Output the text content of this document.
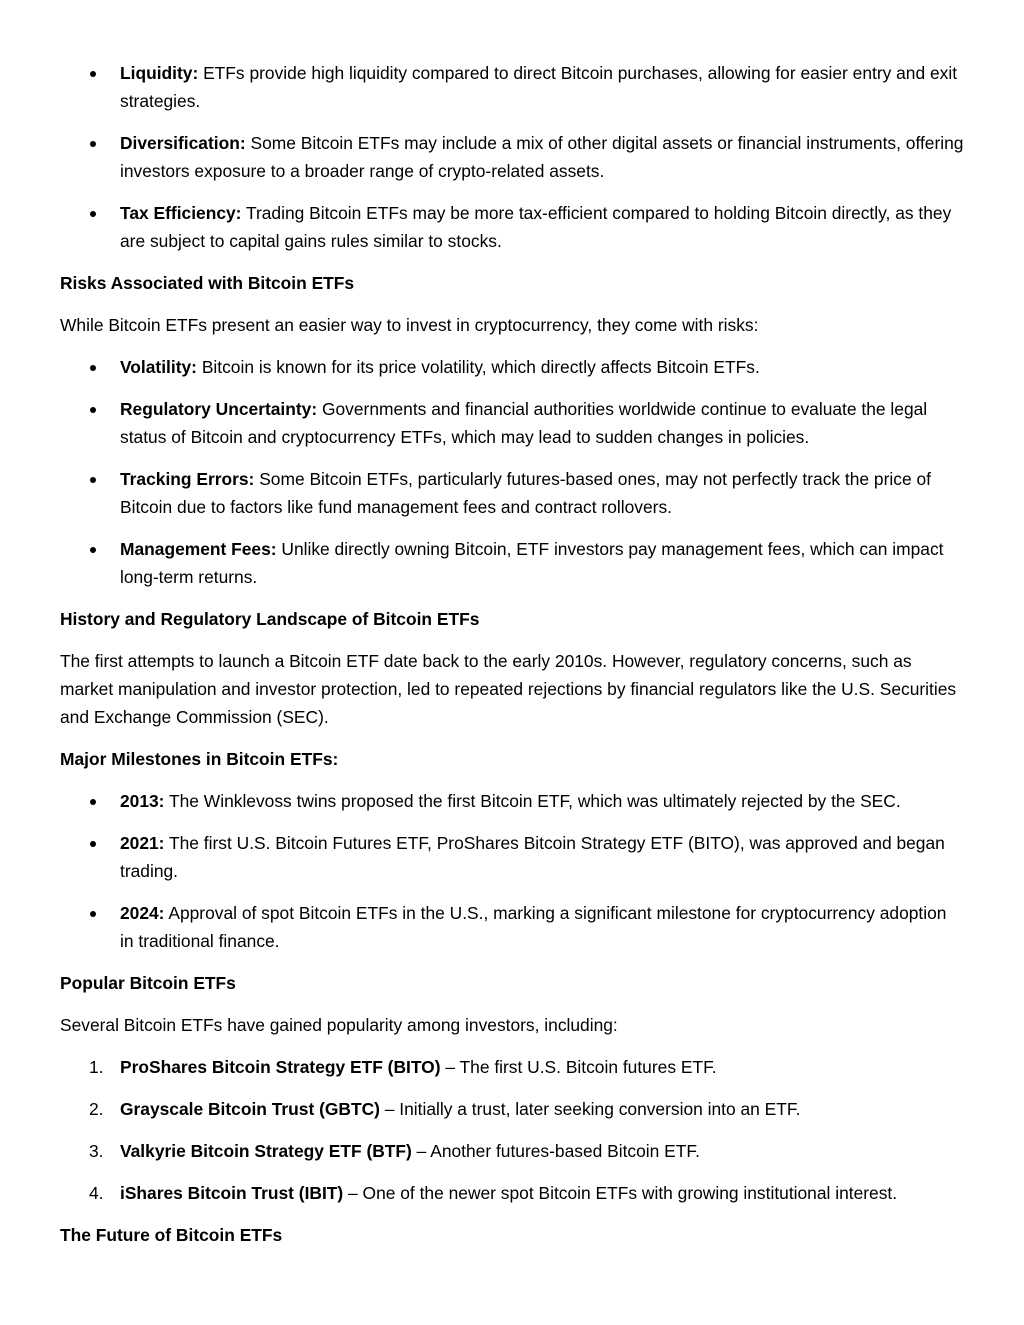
Liquidity: ETFs provide high liquidity compared to direct Bitcoin purchases, allowing for easier entry and exit strategies.
Diversification: Some Bitcoin ETFs may include a mix of other digital assets or financial instruments, offering investors exposure to a broader range of crypto-related assets.
Tax Efficiency: Trading Bitcoin ETFs may be more tax-efficient compared to holding Bitcoin directly, as they are subject to capital gains rules similar to stocks.
Risks Associated with Bitcoin ETFs
While Bitcoin ETFs present an easier way to invest in cryptocurrency, they come with risks:
Volatility: Bitcoin is known for its price volatility, which directly affects Bitcoin ETFs.
Regulatory Uncertainty: Governments and financial authorities worldwide continue to evaluate the legal status of Bitcoin and cryptocurrency ETFs, which may lead to sudden changes in policies.
Tracking Errors: Some Bitcoin ETFs, particularly futures-based ones, may not perfectly track the price of Bitcoin due to factors like fund management fees and contract rollovers.
Management Fees: Unlike directly owning Bitcoin, ETF investors pay management fees, which can impact long-term returns.
History and Regulatory Landscape of Bitcoin ETFs
The first attempts to launch a Bitcoin ETF date back to the early 2010s. However, regulatory concerns, such as market manipulation and investor protection, led to repeated rejections by financial regulators like the U.S. Securities and Exchange Commission (SEC).
Major Milestones in Bitcoin ETFs:
2013: The Winklevoss twins proposed the first Bitcoin ETF, which was ultimately rejected by the SEC.
2021: The first U.S. Bitcoin Futures ETF, ProShares Bitcoin Strategy ETF (BITO), was approved and began trading.
2024: Approval of spot Bitcoin ETFs in the U.S., marking a significant milestone for cryptocurrency adoption in traditional finance.
Popular Bitcoin ETFs
Several Bitcoin ETFs have gained popularity among investors, including:
1. ProShares Bitcoin Strategy ETF (BITO) – The first U.S. Bitcoin futures ETF.
2. Grayscale Bitcoin Trust (GBTC) – Initially a trust, later seeking conversion into an ETF.
3. Valkyrie Bitcoin Strategy ETF (BTF) – Another futures-based Bitcoin ETF.
4. iShares Bitcoin Trust (IBIT) – One of the newer spot Bitcoin ETFs with growing institutional interest.
The Future of Bitcoin ETFs
